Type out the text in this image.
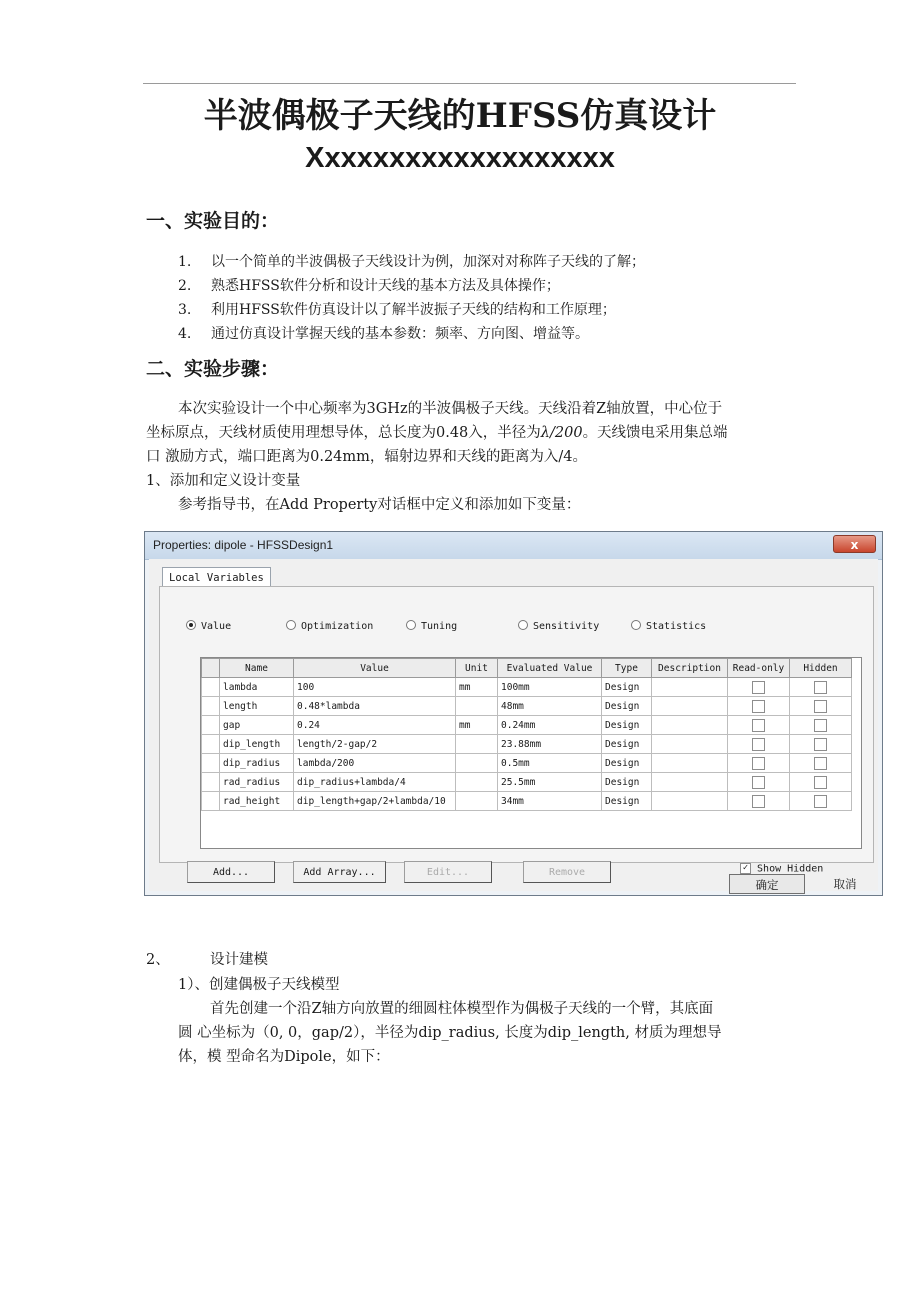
半波偶极子天线的HFSS仿真设计
Xxxxxxxxxxxxxxxxxxx
一、实验目的：
1. 以一个简单的半波偶极子天线设计为例，加深对对称阵子天线的了解；
2. 熟悉HFSS软件分析和设计天线的基本方法及具体操作；
3. 利用HFSS软件仿真设计以了解半波振子天线的结构和工作原理；
4. 通过仿真设计掌握天线的基本参数：频率、方向图、增益等。
二、实验步骤：
本次实验设计一个中心频率为3GHz的半波偶极子天线。天线沿着Z轴放置，中心位于
坐标原点，天线材质使用理想导体，总长度为0.48入，半径为λ/200。天线馈电采用集总端
口 激励方式，端口距离为0.24mm，辐射边界和天线的距离为入/4。
1、添加和定义设计变量
参考指导书，在Add Property对话框中定义和添加如下变量：
Properties: dipole - HFSSDesign1	x
Local Variables
Value	Optimization	Tuning	Sensitivity	Statistics
	Name	Value	Unit	Evaluated Value	Type	Description	Read-only	Hidden
	lambda	100	mm	100mm	Design			
	length	0.48*lambda		48mm	Design			
	gap	0.24	mm	0.24mm	Design			
	dip_length	length/2-gap/2		23.88mm	Design			
	dip_radius	lambda/200		0.5mm	Design			
	rad_radius	dip_radius+lambda/4		25.5mm	Design			
	rad_height	dip_length+gap/2+lambda/10		34mm	Design			
Add...	Add Array...	Edit...	Remove	✓ Show Hidden
确定	取消
2、	设计建模
1）、创建偶极子天线模型
首先创建一个沿Z轴方向放置的细圆柱体模型作为偶极子天线的一个臂，其底面
圆 心坐标为（0, 0，gap/2），半径为dip_radius, 长度为dip_length, 材质为理想导
体，模 型命名为Dipole，如下：
